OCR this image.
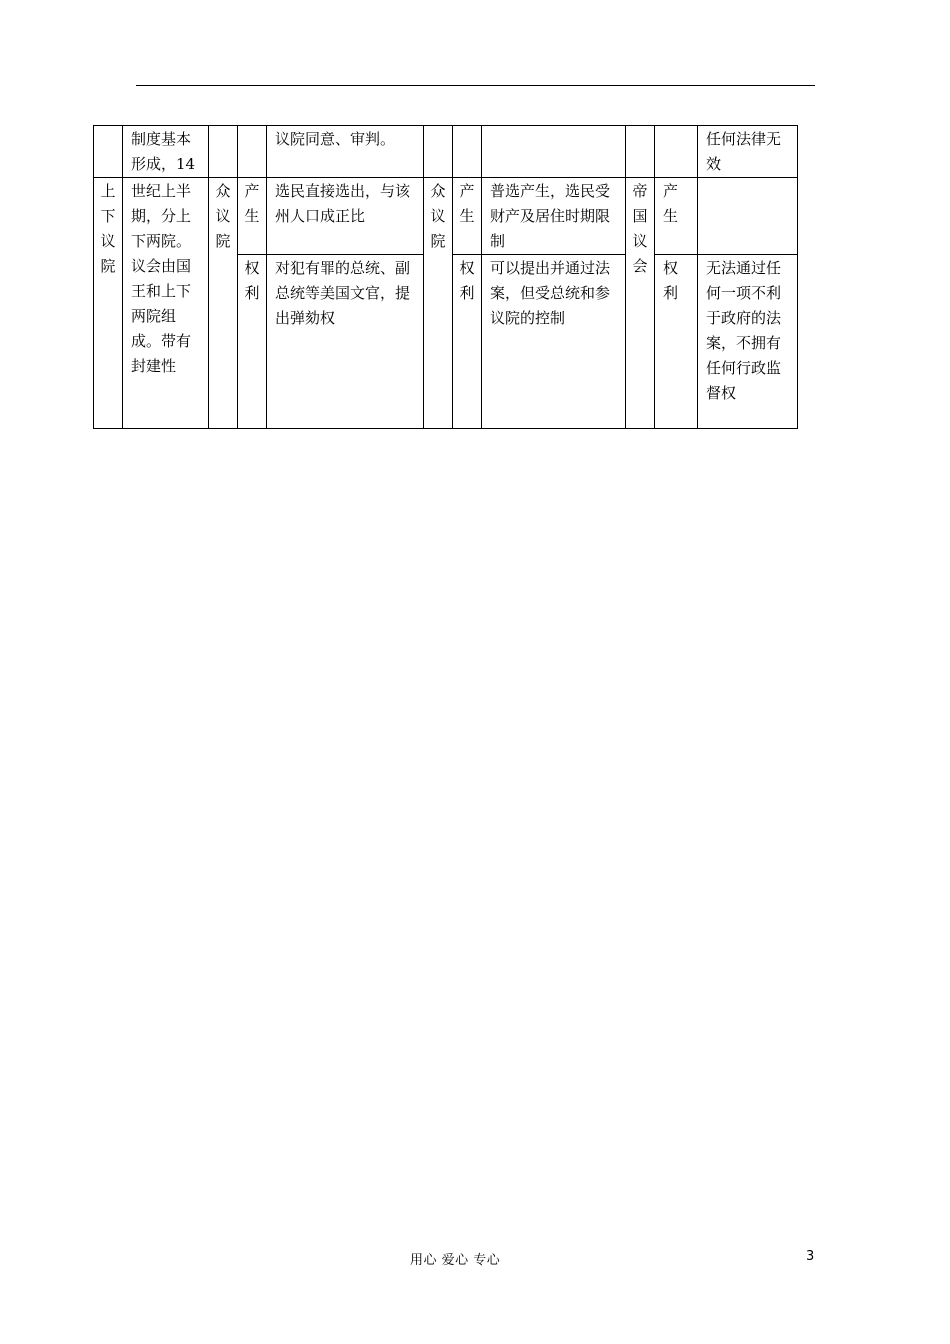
	制度基本形成，14			议院同意、审判。						任何法律无效
上下议院	世纪上半期，分上下两院。议会由国王和上下两院组成。带有封建性	众议院	产生	选民直接选出，与该州人口成正比	众议院	产生	普选产生，选民受财产及居住时期限制	帝国议会	产生	
			权利	对犯有罪的总统、副总统等美国文官，提出弹劾权		权利	可以提出并通过法案，但受总统和参议院的控制		权利	无法通过任何一项不利于政府的法案，不拥有任何行政监督权
用心 爱心 专心	3
